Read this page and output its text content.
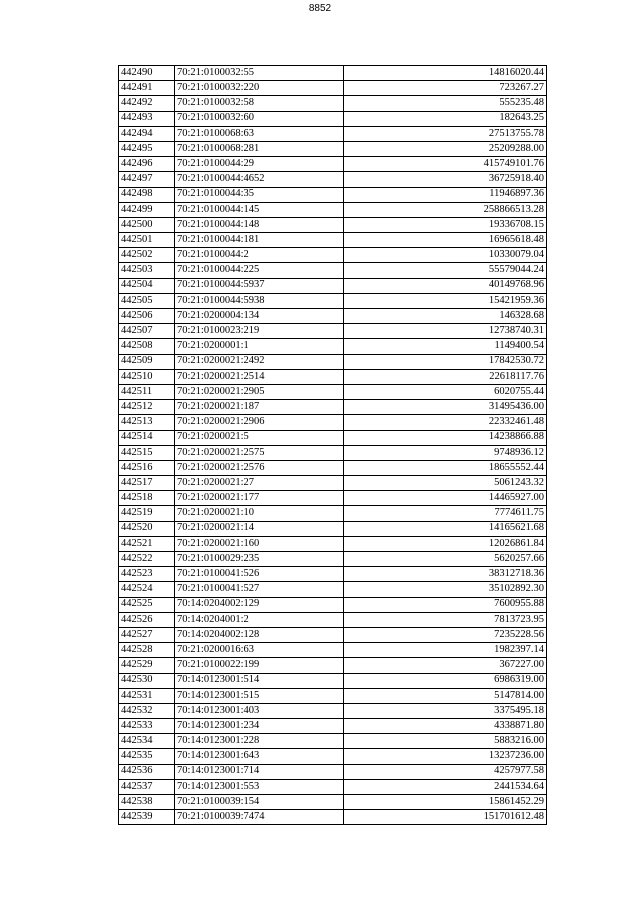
8852
442490	70:21:0100032:55	14816020.44
442491	70:21:0100032:220	723267.27
442492	70:21:0100032:58	555235.48
442493	70:21:0100032:60	182643.25
442494	70:21:0100068:63	27513755.78
442495	70:21:0100068:281	25209288.00
442496	70:21:0100044:29	415749101.76
442497	70:21:0100044:4652	36725918.40
442498	70:21:0100044:35	11946897.36
442499	70:21:0100044:145	258866513.28
442500	70:21:0100044:148	19336708.15
442501	70:21:0100044:181	16965618.48
442502	70:21:0100044:2	10330079.04
442503	70:21:0100044:225	55579044.24
442504	70:21:0100044:5937	40149768.96
442505	70:21:0100044:5938	15421959.36
442506	70:21:0200004:134	146328.68
442507	70:21:0100023:219	12738740.31
442508	70:21:0200001:1	1149400.54
442509	70:21:0200021:2492	17842530.72
442510	70:21:0200021:2514	22618117.76
442511	70:21:0200021:2905	6020755.44
442512	70:21:0200021:187	31495436.00
442513	70:21:0200021:2906	22332461.48
442514	70:21:0200021:5	14238866.88
442515	70:21:0200021:2575	9748936.12
442516	70:21:0200021:2576	18655552.44
442517	70:21:0200021:27	5061243.32
442518	70:21:0200021:177	14465927.00
442519	70:21:0200021:10	7774611.75
442520	70:21:0200021:14	14165621.68
442521	70:21:0200021:160	12026861.84
442522	70:21:0100029:235	5620257.66
442523	70:21:0100041:526	38312718.36
442524	70:21:0100041:527	35102892.30
442525	70:14:0204002:129	7600955.88
442526	70:14:0204001:2	7813723.95
442527	70:14:0204002:128	7235228.56
442528	70:21:0200016:63	1982397.14
442529	70:21:0100022:199	367227.00
442530	70:14:0123001:514	6986319.00
442531	70:14:0123001:515	5147814.00
442532	70:14:0123001:403	3375495.18
442533	70:14:0123001:234	4338871.80
442534	70:14:0123001:228	5883216.00
442535	70:14:0123001:643	13237236.00
442536	70:14:0123001:714	4257977.58
442537	70:14:0123001:553	2441534.64
442538	70:21:0100039:154	15861452.29
442539	70:21:0100039:7474	151701612.48
